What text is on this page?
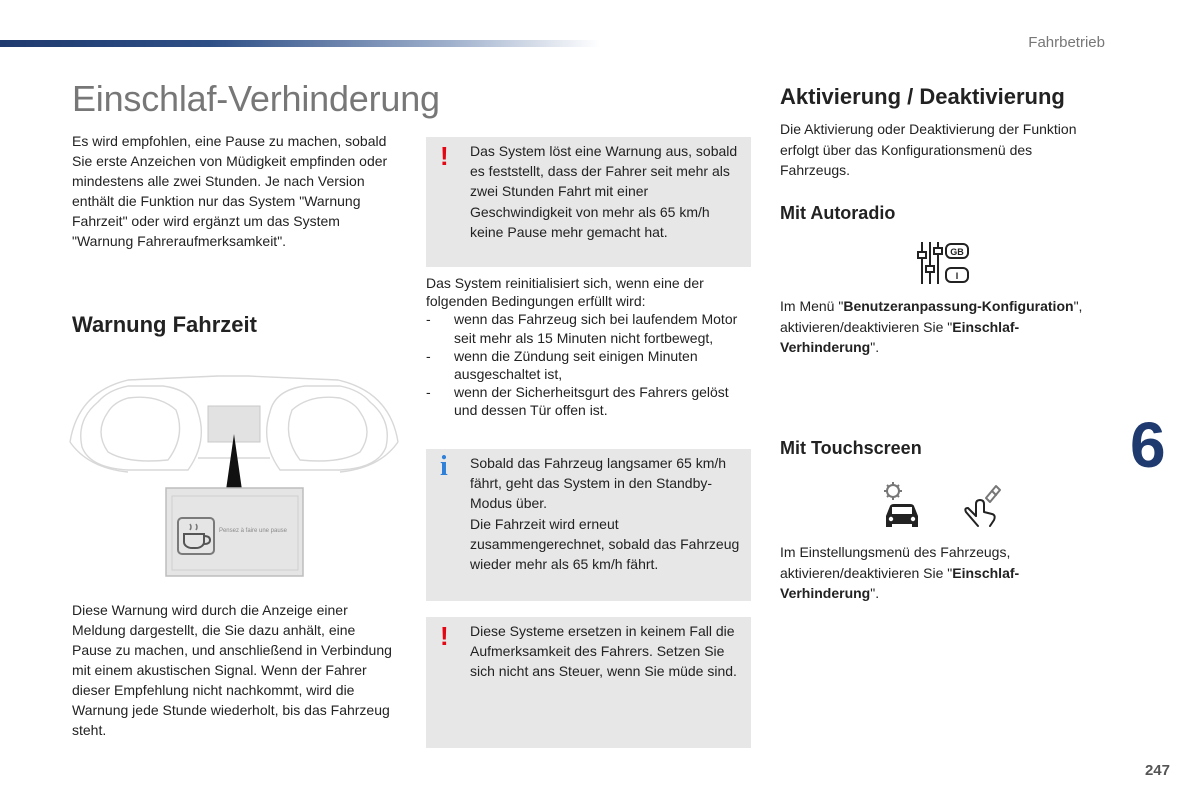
Fahrbetrieb
Einschlaf-Verhinderung
Es wird empfohlen, eine Pause zu machen, sobald Sie erste Anzeichen von Müdigkeit empfinden oder mindestens alle zwei Stunden. Je nach Version enthält die Funktion nur das System "Warnung Fahrzeit" oder wird ergänzt um das System "Warnung Fahreraufmerksamkeit".
Warnung Fahrzeit
Pensez à faire une pause
Diese Warnung wird durch die Anzeige einer Meldung dargestellt, die Sie dazu anhält, eine Pause zu machen, und anschließend in Verbindung mit einem akustischen Signal. Wenn der Fahrer dieser Empfehlung nicht nachkommt, wird die Warnung jede Stunde wiederholt, bis das Fahrzeug steht.
! Das System löst eine Warnung aus, sobald es feststellt, dass der Fahrer seit mehr als zwei Stunden Fahrt mit einer Geschwindigkeit von mehr als 65 km/h keine Pause mehr gemacht hat.
Das System reinitialisiert sich, wenn eine der folgenden Bedingungen erfüllt wird:
- wenn das Fahrzeug sich bei laufendem Motor seit mehr als 15 Minuten nicht fortbewegt,
- wenn die Zündung seit einigen Minuten ausgeschaltet ist,
- wenn der Sicherheitsgurt des Fahrers gelöst und dessen Tür offen ist.
i Sobald das Fahrzeug langsamer 65 km/h fährt, geht das System in den Standby-Modus über.
Die Fahrzeit wird erneut zusammengerechnet, sobald das Fahrzeug wieder mehr als 65 km/h fährt.
! Diese Systeme ersetzen in keinem Fall die Aufmerksamkeit des Fahrers. Setzen Sie sich nicht ans Steuer, wenn Sie müde sind.
Aktivierung / Deaktivierung
Die Aktivierung oder Deaktivierung der Funktion erfolgt über das Konfigurationsmenü des Fahrzeugs.
Mit Autoradio
GB
I
Im Menü "Benutzeranpassung-Konfiguration", aktivieren/deaktivieren Sie "Einschlaf-Verhinderung".
Mit Touchscreen
Im Einstellungsmenü des Fahrzeugs, aktivieren/deaktivieren Sie "Einschlaf-Verhinderung".
6
247
